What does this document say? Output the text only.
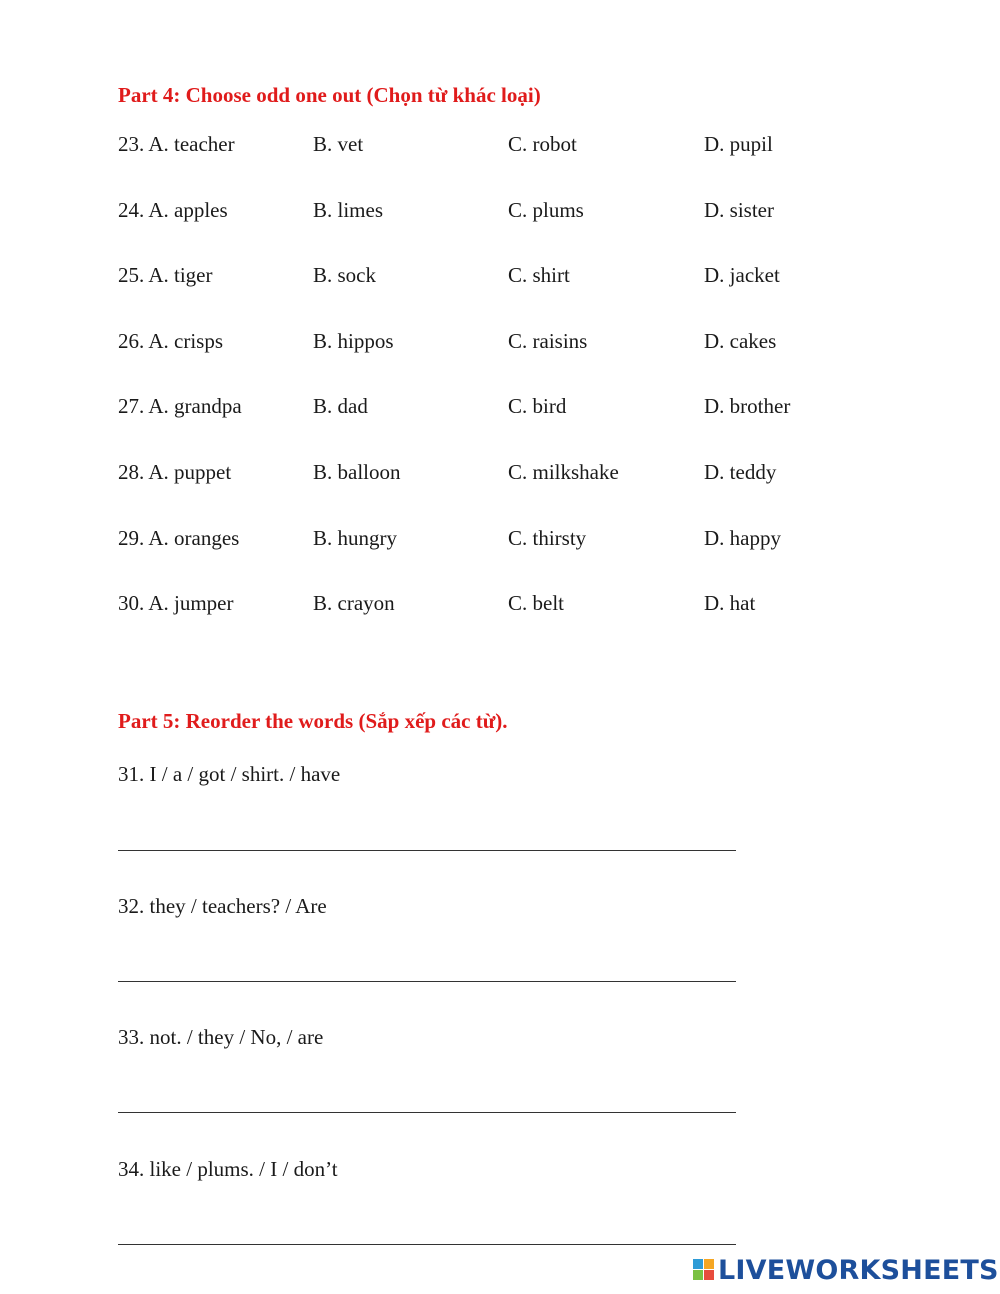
Part 4: Choose odd one out (Chọn từ khác loại)
23. A. teacher	B. vet	C. robot	D. pupil
24. A. apples	B. limes	C. plums	D. sister
25. A. tiger	B. sock	C. shirt	D. jacket
26. A. crisps	B. hippos	C. raisins	D. cakes
27. A. grandpa	B. dad	C. bird	D. brother
28. A. puppet	B. balloon	C. milkshake	D. teddy
29. A. oranges	B. hungry	C. thirsty	D. happy
30. A. jumper	B. crayon	C. belt	D. hat
Part 5: Reorder the words (Sắp xếp các từ).
31. I / a / got / shirt. / have
32. they / teachers? / Are
33. not. / they / No, / are
34. like / plums. / I / don’t
LIVEWORKSHEETS
